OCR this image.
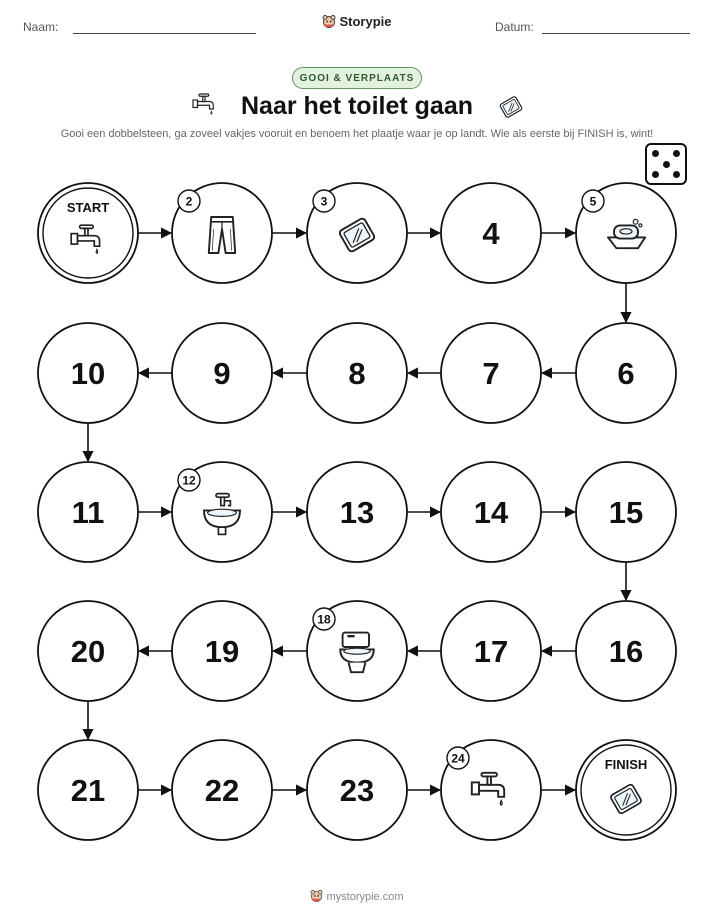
Naam:	Storypie	Datum:
GOOI & VERPLAATS
Naar het toilet gaan
Gooi een dobbelsteen, ga zoveel vakjes vooruit en benoem het plaatje waar je op landt. Wie als eerste bij FINISH is, wint!
START	2	3
4
5
6
7
8
9
10
11
12
13	14	15
16
17
18
19
20
21	22	23
24	FINISH
mystorypie.com
